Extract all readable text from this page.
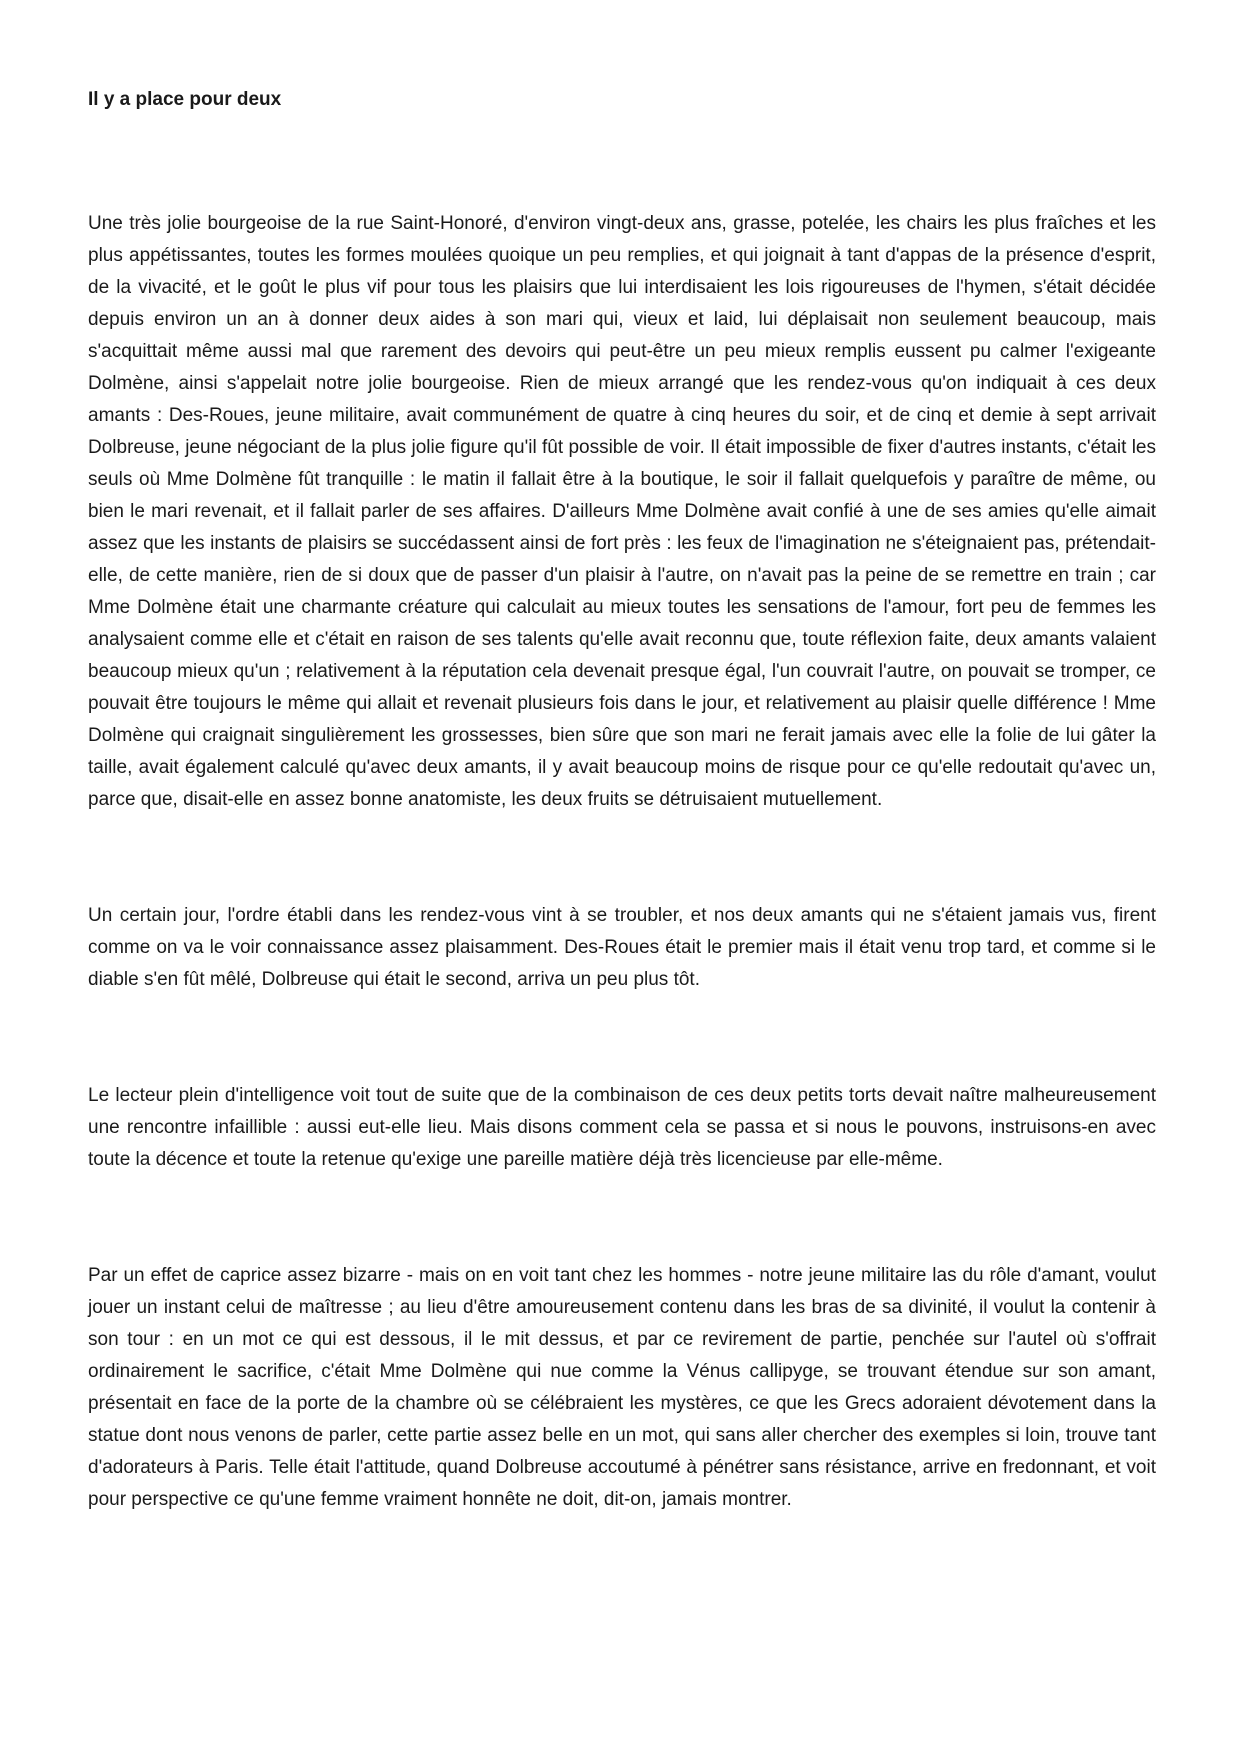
Il y a place pour deux

Une très jolie bourgeoise de la rue Saint-Honoré, d'environ vingt-deux ans, grasse, potelée, les chairs les plus fraîches et les plus appétissantes, toutes les formes moulées quoique un peu remplies, et qui joignait à tant d'appas de la présence d'esprit, de la vivacité, et le goût le plus vif pour tous les plaisirs que lui interdisaient les lois rigoureuses de l'hymen, s'était décidée depuis environ un an à donner deux aides à son mari qui, vieux et laid, lui déplaisait non seulement beaucoup, mais s'acquittait même aussi mal que rarement des devoirs qui peut-être un peu mieux remplis eussent pu calmer l'exigeante Dolmène, ainsi s'appelait notre jolie bourgeoise. Rien de mieux arrangé que les rendez-vous qu'on indiquait à ces deux amants : Des-Roues, jeune militaire, avait communément de quatre à cinq heures du soir, et de cinq et demie à sept arrivait Dolbreuse, jeune négociant de la plus jolie figure qu'il fût possible de voir. Il était impossible de fixer d'autres instants, c'était les seuls où Mme Dolmène fût tranquille : le matin il fallait être à la boutique, le soir il fallait quelquefois y paraître de même, ou bien le mari revenait, et il fallait parler de ses affaires. D'ailleurs Mme Dolmène avait confié à une de ses amies qu'elle aimait assez que les instants de plaisirs se succédassent ainsi de fort près : les feux de l'imagination ne s'éteignaient pas, prétendait-elle, de cette manière, rien de si doux que de passer d'un plaisir à l'autre, on n'avait pas la peine de se remettre en train ; car Mme Dolmène était une charmante créature qui calculait au mieux toutes les sensations de l'amour, fort peu de femmes les analysaient comme elle et c'était en raison de ses talents qu'elle avait reconnu que, toute réflexion faite, deux amants valaient beaucoup mieux qu'un ; relativement à la réputation cela devenait presque égal, l'un couvrait l'autre, on pouvait se tromper, ce pouvait être toujours le même qui allait et revenait plusieurs fois dans le jour, et relativement au plaisir quelle différence ! Mme Dolmène qui craignait singulièrement les grossesses, bien sûre que son mari ne ferait jamais avec elle la folie de lui gâter la taille, avait également calculé qu'avec deux amants, il y avait beaucoup moins de risque pour ce qu'elle redoutait qu'avec un, parce que, disait-elle en assez bonne anatomiste, les deux fruits se détruisaient mutuellement.

Un certain jour, l'ordre établi dans les rendez-vous vint à se troubler, et nos deux amants qui ne s'étaient jamais vus, firent comme on va le voir connaissance assez plaisamment. Des-Roues était le premier mais il était venu trop tard, et comme si le diable s'en fût mêlé, Dolbreuse qui était le second, arriva un peu plus tôt.

Le lecteur plein d'intelligence voit tout de suite que de la combinaison de ces deux petits torts devait naître malheureusement une rencontre infaillible : aussi eut-elle lieu. Mais disons comment cela se passa et si nous le pouvons, instruisons-en avec toute la décence et toute la retenue qu'exige une pareille matière déjà très licencieuse par elle-même.

Par un effet de caprice assez bizarre - mais on en voit tant chez les hommes - notre jeune militaire las du rôle d'amant, voulut jouer un instant celui de maîtresse ; au lieu d'être amoureusement contenu dans les bras de sa divinité, il voulut la contenir à son tour : en un mot ce qui est dessous, il le mit dessus, et par ce revirement de partie, penchée sur l'autel où s'offrait ordinairement le sacrifice, c'était Mme Dolmène qui nue comme la Vénus callipyge, se trouvant étendue sur son amant, présentait en face de la porte de la chambre où se célébraient les mystères, ce que les Grecs adoraient dévotement dans la statue dont nous venons de parler, cette partie assez belle en un mot, qui sans aller chercher des exemples si loin, trouve tant d'adorateurs à Paris. Telle était l'attitude, quand Dolbreuse accoutumé à pénétrer sans résistance, arrive en fredonnant, et voit pour perspective ce qu'une femme vraiment honnête ne doit, dit-on, jamais montrer.
